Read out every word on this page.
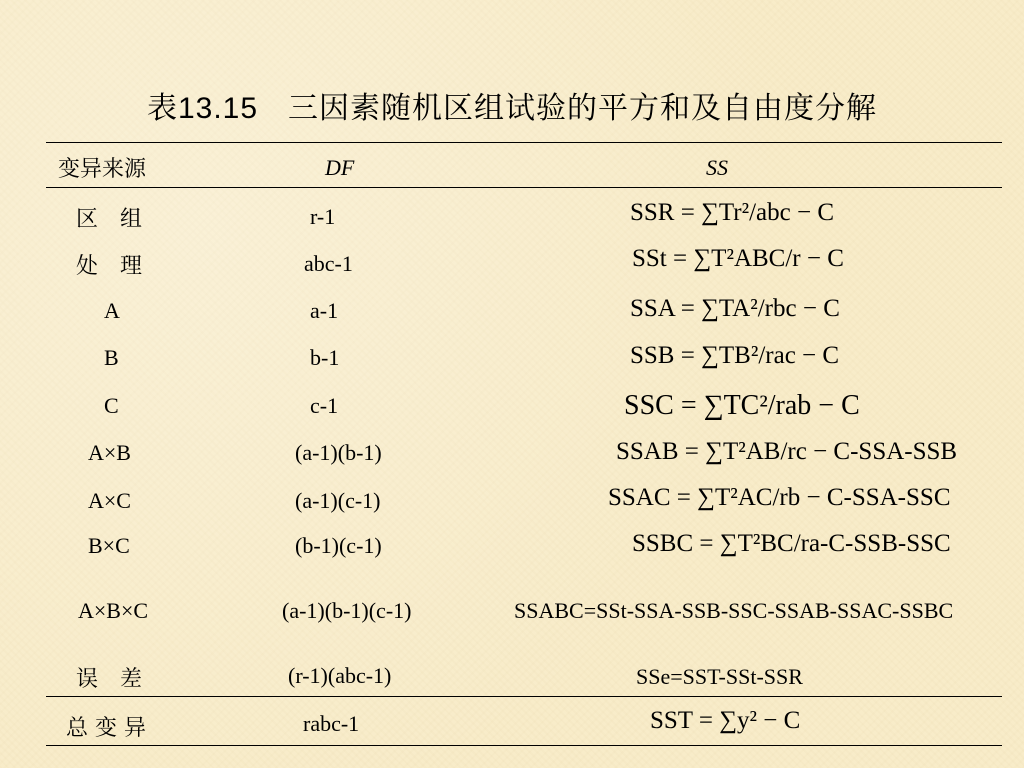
表13.15 三因素随机区组试验的平方和及自由度分解
变异来源	DF	SS
区　组
处　理
A
B
C
A×B
A×C
B×C
A×B×C
误　差
总 变 异
r-1
abc-1
a-1
b-1
c-1
(a-1)(b-1)
(a-1)(c-1)
(b-1)(c-1)
(a-1)(b-1)(c-1)
(r-1)(abc-1)
rabc-1
SSR = ∑Tr²/abc − C
SSt = ∑T²ABC/r − C
SSA = ∑TA²/rbc − C
SSB = ∑TB²/rac − C
SSC = ∑TC²/rab − C
SSAB = ∑T²AB/rc − C-SSA-SSB
SSAC = ∑T²AC/rb − C-SSA-SSC
SSBC = ∑T²BC/ra-C-SSB-SSC
SSABC=SSt-SSA-SSB-SSC-SSAB-SSAC-SSBC
SSe=SST-SSt-SSR
SST = ∑y² − C
